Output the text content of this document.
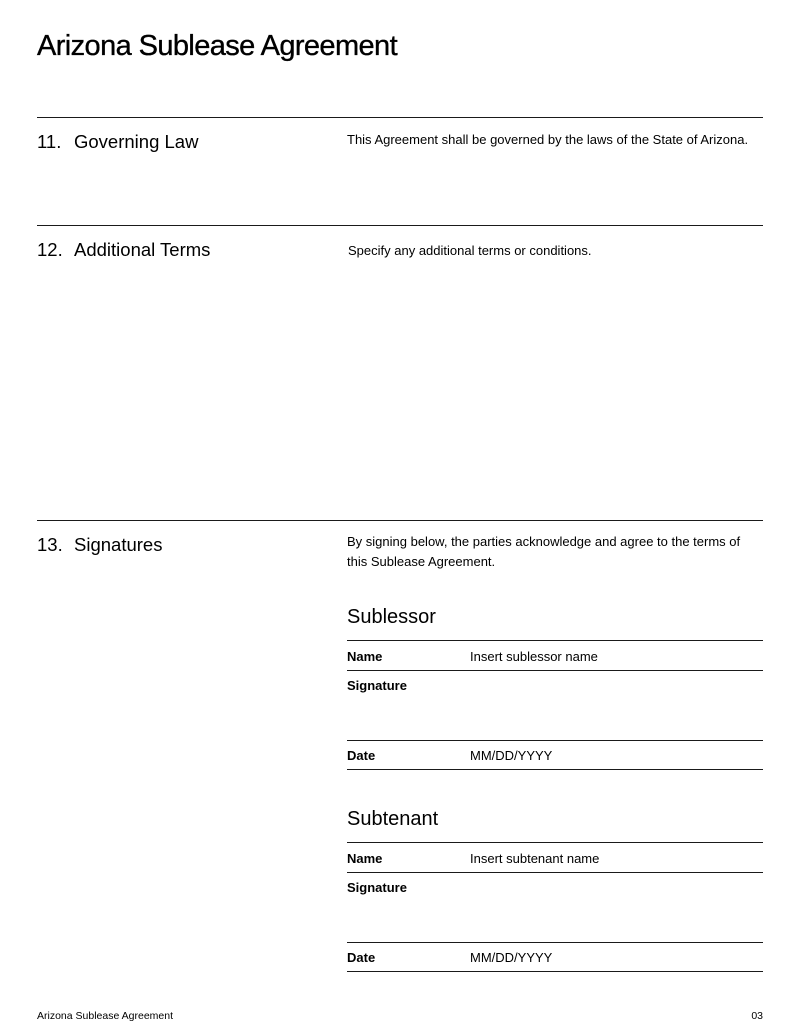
Arizona Sublease Agreement
11. Governing Law	This Agreement shall be governed by the laws of the State of Arizona.

12. Additional Terms	Specify any additional terms or conditions.

13. Signatures	By signing below, the parties acknowledge and agree to the terms of this Sublease Agreement.

Sublessor
Name	Insert sublessor name
Signature
Date	MM/DD/YYYY
Subtenant
Name	Insert subtenant name
Signature
Date	MM/DD/YYYY
Arizona Sublease Agreement	03
